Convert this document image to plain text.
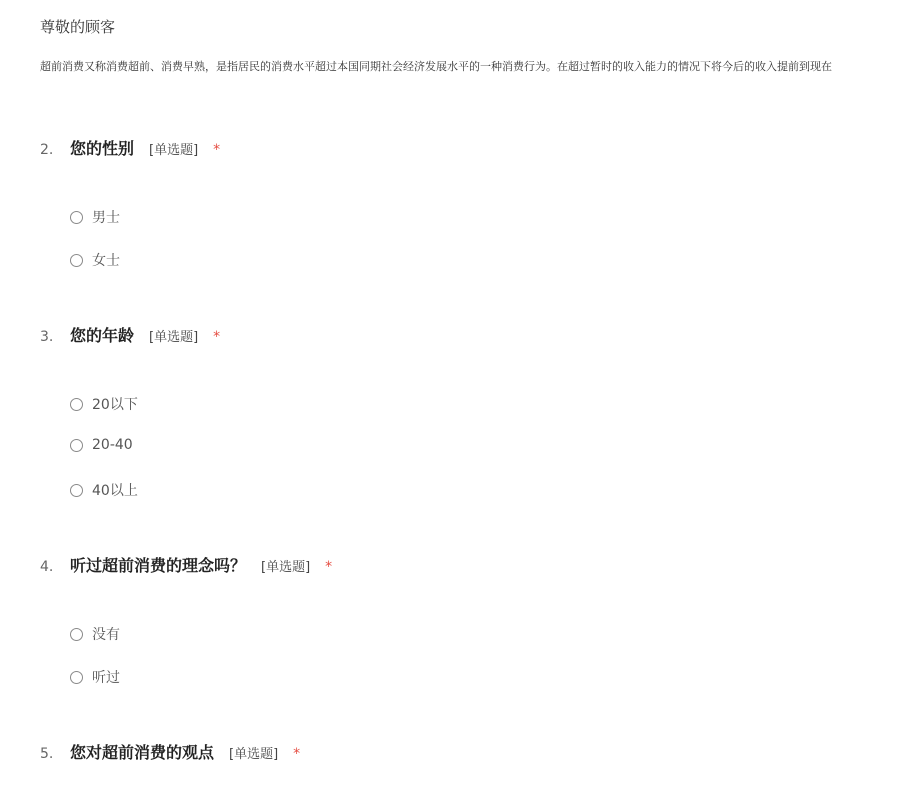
尊敬的顾客
超前消费又称消费超前、消费早熟，是指居民的消费水平超过本国同期社会经济发展水平的一种消费行为。在超过暂时的收入能力的情况下将今后的收入提前到现在
2.	您的性别 [单选题] *
男士
女士
3.	您的年龄 [单选题] *
20以下
20-40
40以上
4.	听过超前消费的理念吗？ [单选题] *
没有
听过
5.	您对超前消费的观点 [单选题] *
